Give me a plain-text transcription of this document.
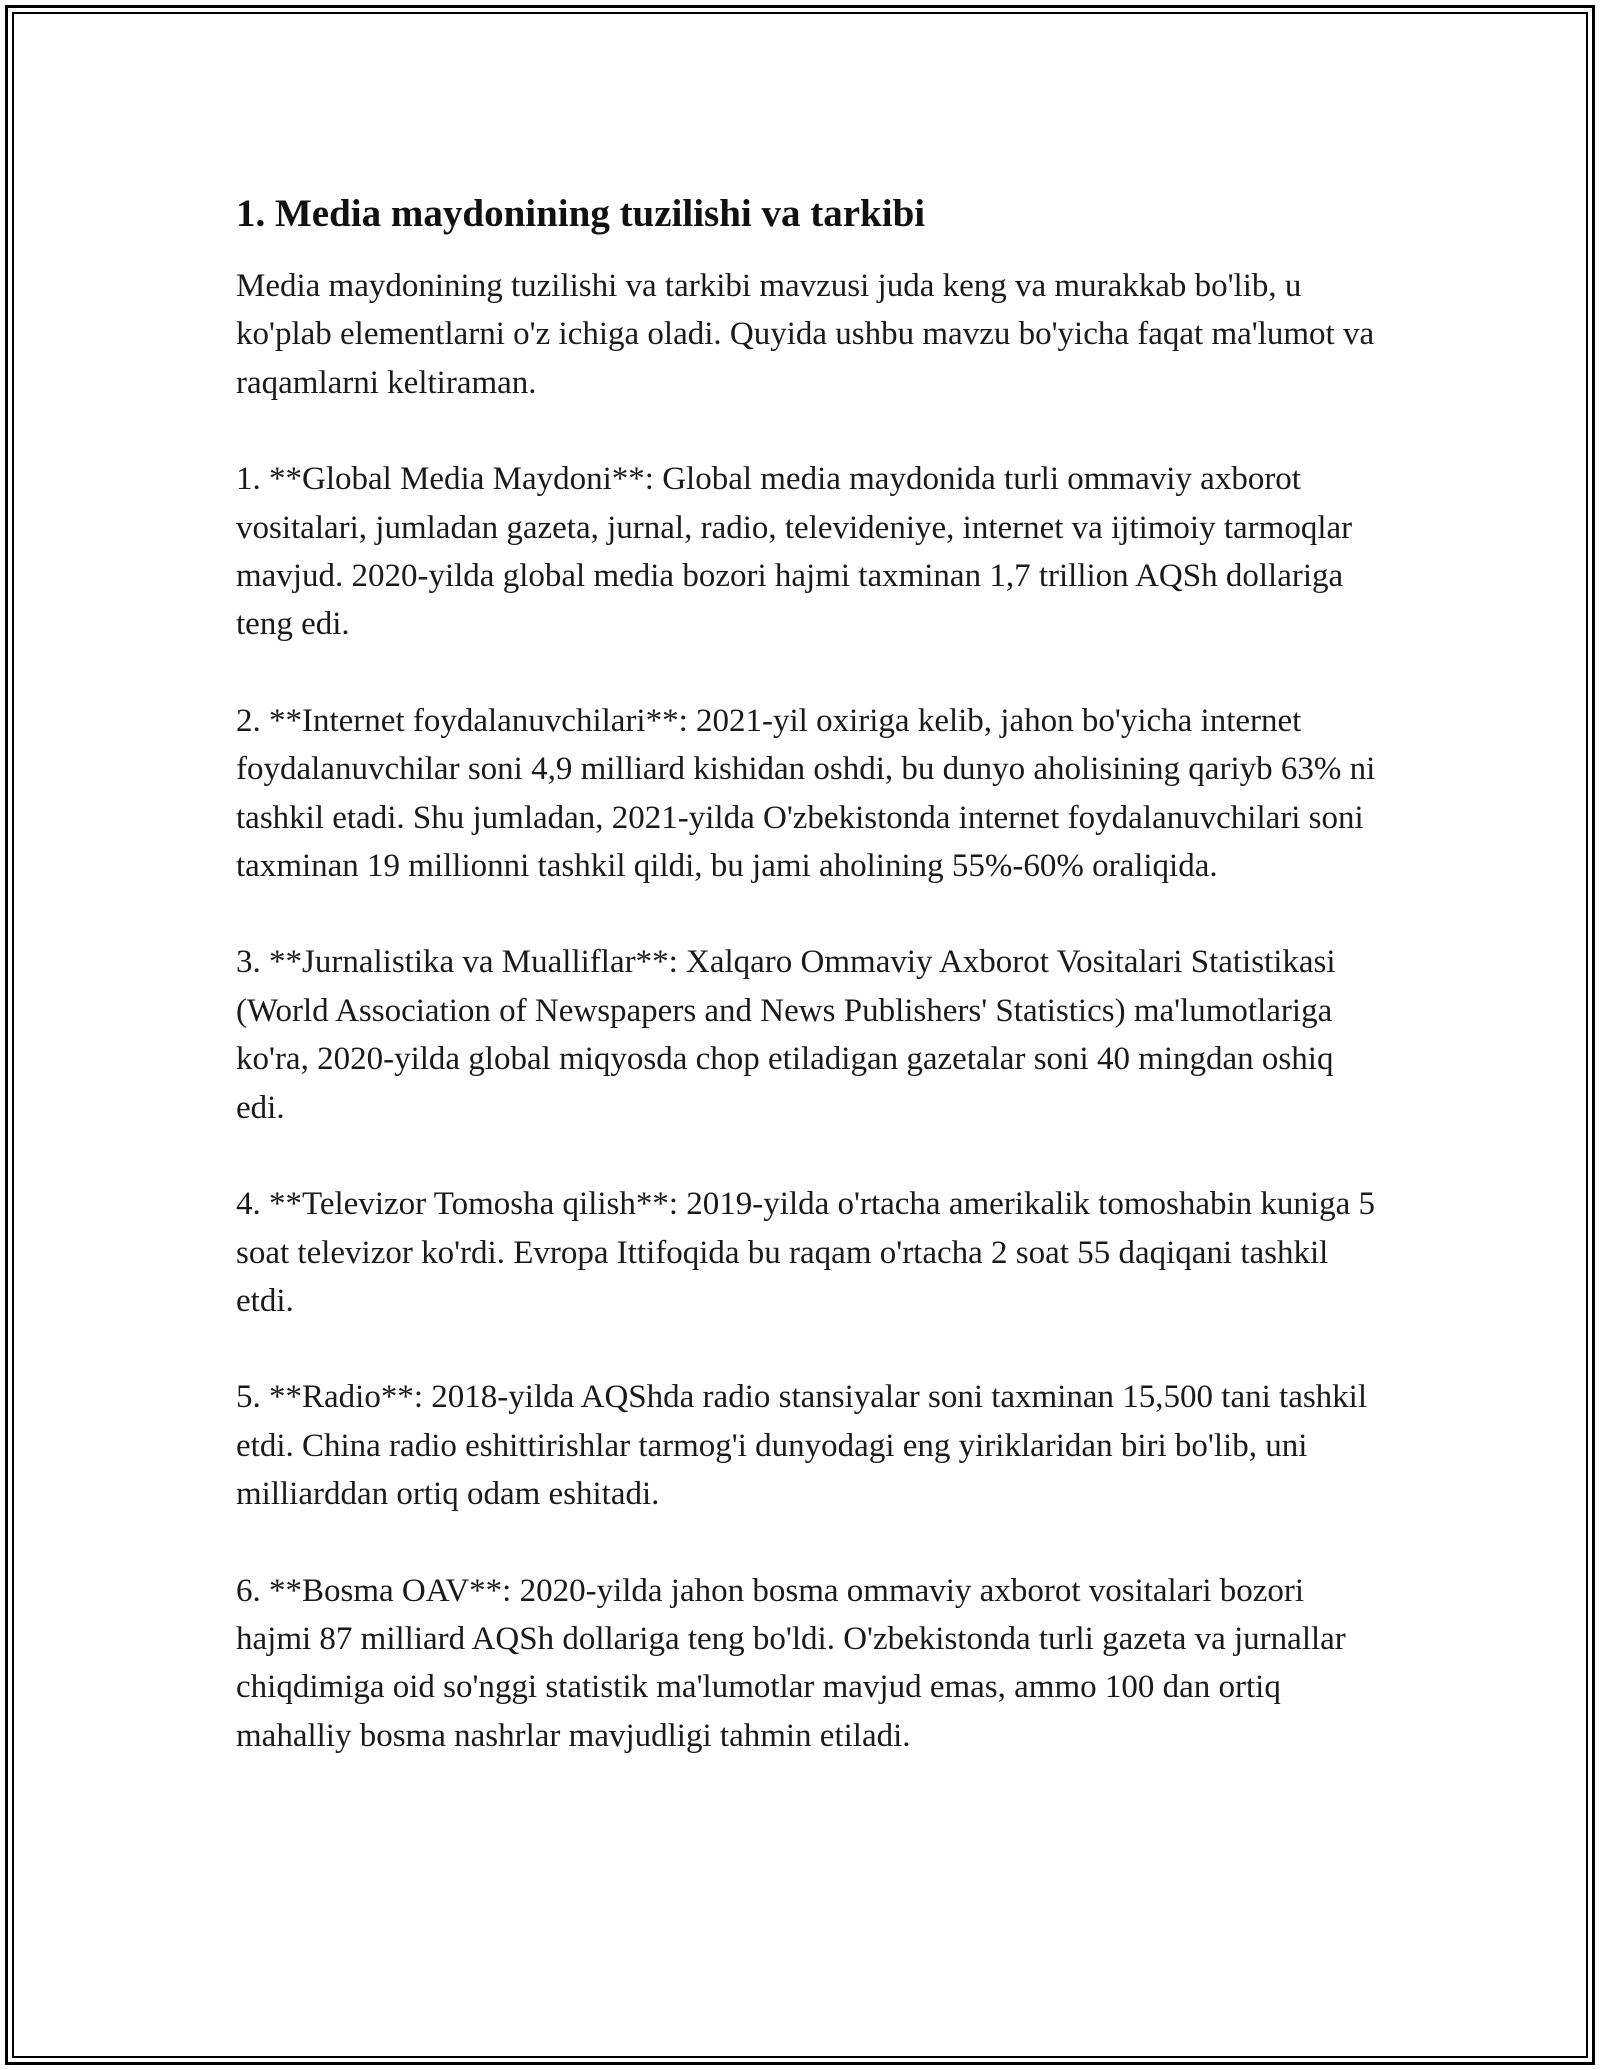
1. Media maydonining tuzilishi va tarkibi

Media maydonining tuzilishi va tarkibi mavzusi juda keng va murakkab bo'lib, u ko'plab elementlarni o'z ichiga oladi. Quyida ushbu mavzu bo'yicha faqat ma'lumot va raqamlarni keltiraman.

1. **Global Media Maydoni**: Global media maydonida turli ommaviy axborot vositalari, jumladan gazeta, jurnal, radio, televideniye, internet va ijtimoiy tarmoqlar mavjud. 2020-yilda global media bozori hajmi taxminan 1,7 trillion AQSh dollariga teng edi.

2. **Internet foydalanuvchilari**: 2021-yil oxiriga kelib, jahon bo'yicha internet foydalanuvchilar soni 4,9 milliard kishidan oshdi, bu dunyo aholisining qariyb 63% ni tashkil etadi. Shu jumladan, 2021-yilda O'zbekistonda internet foydalanuvchilari soni taxminan 19 millionni tashkil qildi, bu jami aholining 55%-60% oraliqida.

3. **Jurnalistika va Mualliflar**: Xalqaro Ommaviy Axborot Vositalari Statistikasi (World Association of Newspapers and News Publishers' Statistics) ma'lumotlariga ko'ra, 2020-yilda global miqyosda chop etiladigan gazetalar soni 40 mingdan oshiq edi.

4. **Televizor Tomosha qilish**: 2019-yilda o'rtacha amerikalik tomoshabin kuniga 5 soat televizor ko'rdi. Evropa Ittifoqida bu raqam o'rtacha 2 soat 55 daqiqani tashkil etdi.

5. **Radio**: 2018-yilda AQShda radio stansiyalar soni taxminan 15,500 tani tashkil etdi. China radio eshittirishlar tarmog'i dunyodagi eng yiriklaridan biri bo'lib, uni milliarddan ortiq odam eshitadi.

6. **Bosma OAV**: 2020-yilda jahon bosma ommaviy axborot vositalari bozori hajmi 87 milliard AQSh dollariga teng bo'ldi. O'zbekistonda turli gazeta va jurnallar chiqdimiga oid so'nggi statistik ma'lumotlar mavjud emas, ammo 100 dan ortiq mahalliy bosma nashrlar mavjudligi tahmin etiladi.
